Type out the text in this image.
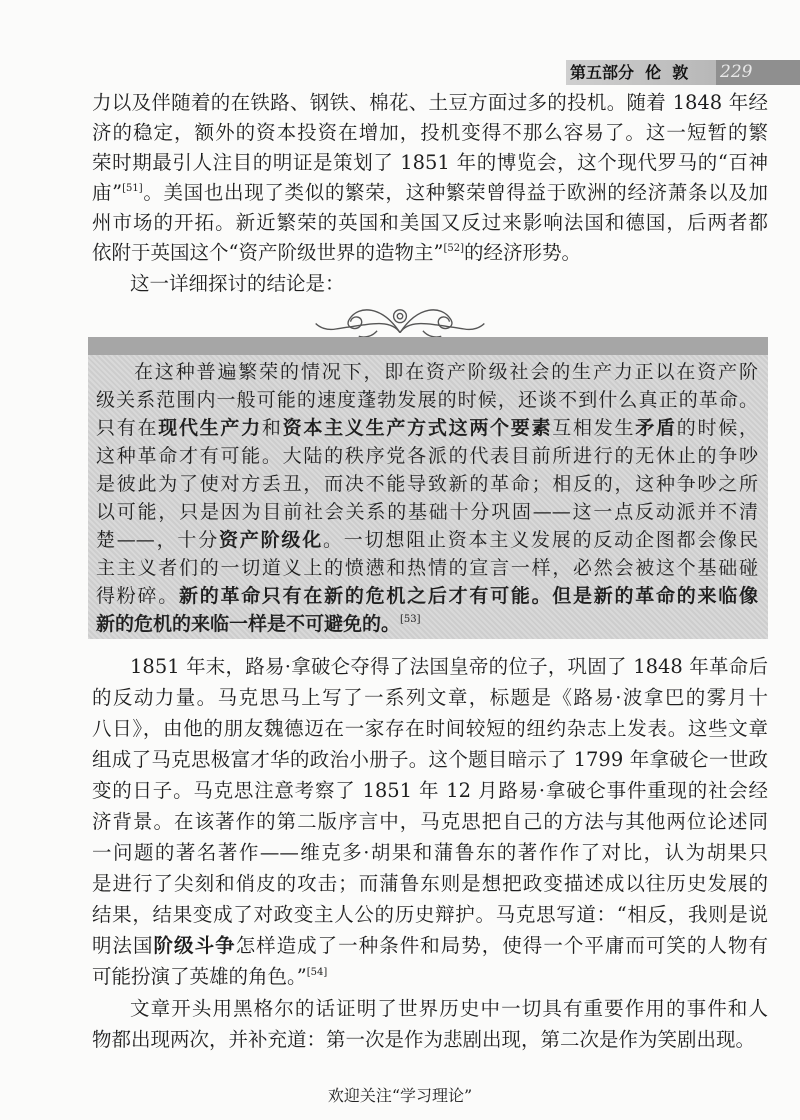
第五部分  伦  敦 229
力以及伴随着的在铁路、钢铁、棉花、土豆方面过多的投机。随着 1848 年经
济的稳定，额外的资本投资在增加，投机变得不那么容易了。这一短暂的繁
荣时期最引人注目的明证是策划了 1851 年的博览会，这个现代罗马的“百神
庙”[51]。美国也出现了类似的繁荣，这种繁荣曾得益于欧洲的经济萧条以及加
州市场的开拓。新近繁荣的英国和美国又反过来影响法国和德国，后两者都
依附于英国这个“资产阶级世界的造物主”[52]的经济形势。
这一详细探讨的结论是：
在这种普遍繁荣的情况下，即在资产阶级社会的生产力正以在资产阶
级关系范围内一般可能的速度蓬勃发展的时候，还谈不到什么真正的革命。
只有在现代生产力和资本主义生产方式这两个要素互相发生矛盾的时候，
这种革命才有可能。大陆的秩序党各派的代表目前所进行的无休止的争吵
是彼此为了使对方丢丑，而决不能导致新的革命；相反的，这种争吵之所
以可能，只是因为目前社会关系的基础十分巩固——这一点反动派并不清
楚——，十分资产阶级化。一切想阻止资本主义发展的反动企图都会像民
主主义者们的一切道义上的愤懑和热情的宣言一样，必然会被这个基础碰
得粉碎。新的革命只有在新的危机之后才有可能。但是新的革命的来临像
新的危机的来临一样是不可避免的。[53]
1851 年末，路易·拿破仑夺得了法国皇帝的位子，巩固了 1848 年革命后
的反动力量。马克思马上写了一系列文章，标题是《路易·波拿巴的雾月十
八日》，由他的朋友魏德迈在一家存在时间较短的纽约杂志上发表。这些文章
组成了马克思极富才华的政治小册子。这个题目暗示了 1799 年拿破仑一世政
变的日子。马克思注意考察了 1851 年 12 月路易·拿破仑事件重现的社会经
济背景。在该著作的第二版序言中，马克思把自己的方法与其他两位论述同
一问题的著名著作——维克多·胡果和蒲鲁东的著作作了对比，认为胡果只
是进行了尖刻和俏皮的攻击；而蒲鲁东则是想把政变描述成以往历史发展的
结果，结果变成了对政变主人公的历史辩护。马克思写道：“相反，我则是说
明法国阶级斗争怎样造成了一种条件和局势，使得一个平庸而可笑的人物有
可能扮演了英雄的角色。”[54]
文章开头用黑格尔的话证明了世界历史中一切具有重要作用的事件和人
物都出现两次，并补充道：第一次是作为悲剧出现，第二次是作为笑剧出现。
欢迎关注“学习理论”
